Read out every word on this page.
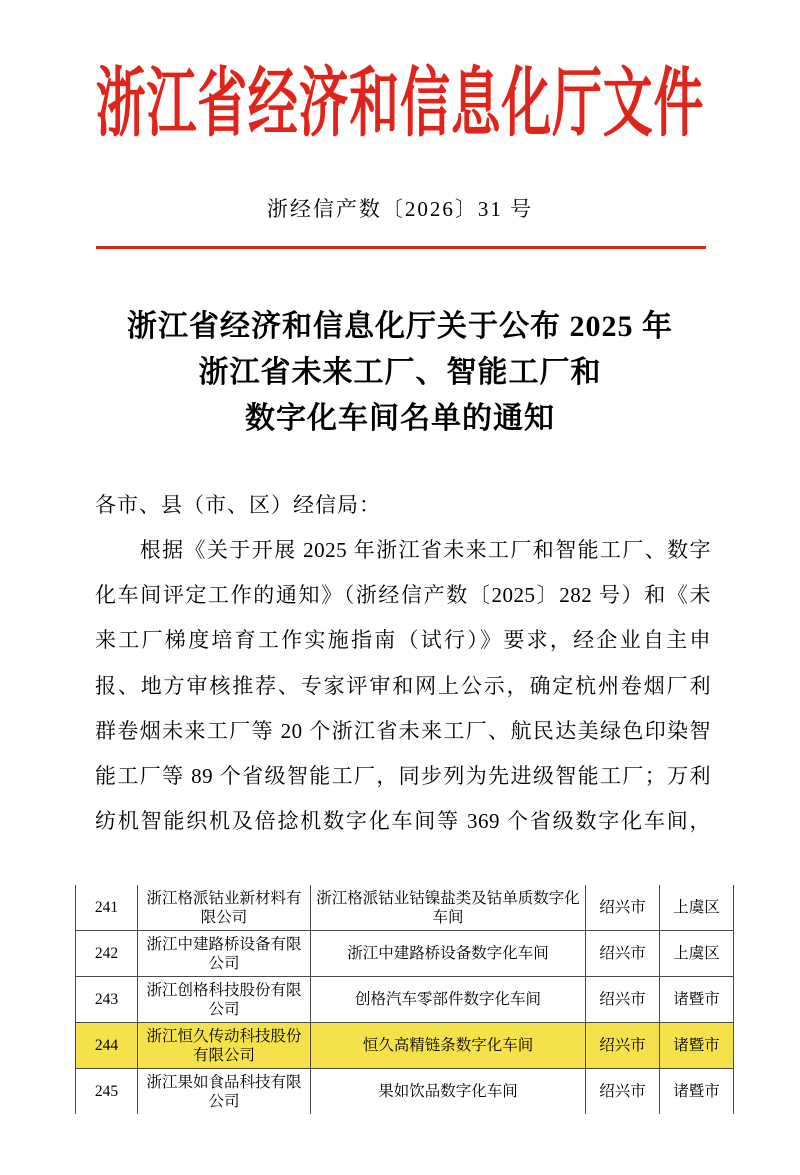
浙江省经济和信息化厅文件
浙经信产数〔2026〕31 号
浙江省经济和信息化厅关于公布 2025 年
浙江省未来工厂、智能工厂和
数字化车间名单的通知
各市、县（市、区）经信局：
　　根据《关于开展 2025 年浙江省未来工厂和智能工厂、数字
化车间评定工作的通知》（浙经信产数〔2025〕282 号）和《未
来工厂梯度培育工作实施指南（试行）》要求，经企业自主申
报、地方审核推荐、专家评审和网上公示，确定杭州卷烟厂利
群卷烟未来工厂等 20 个浙江省未来工厂、航民达美绿色印染智
能工厂等 89 个省级智能工厂，同步列为先进级智能工厂；万利
纺机智能织机及倍捻机数字化车间等 369 个省级数字化车间，
241	浙江格派钴业新材料有限公司	浙江格派钴业钴镍盐类及钴单质数字化车间	绍兴市	上虞区
242	浙江中建路桥设备有限公司	浙江中建路桥设备数字化车间	绍兴市	上虞区
243	浙江创格科技股份有限公司	创格汽车零部件数字化车间	绍兴市	诸暨市
244	浙江恒久传动科技股份有限公司	恒久高精链条数字化车间	绍兴市	诸暨市
245	浙江果如食品科技有限公司	果如饮品数字化车间	绍兴市	诸暨市
